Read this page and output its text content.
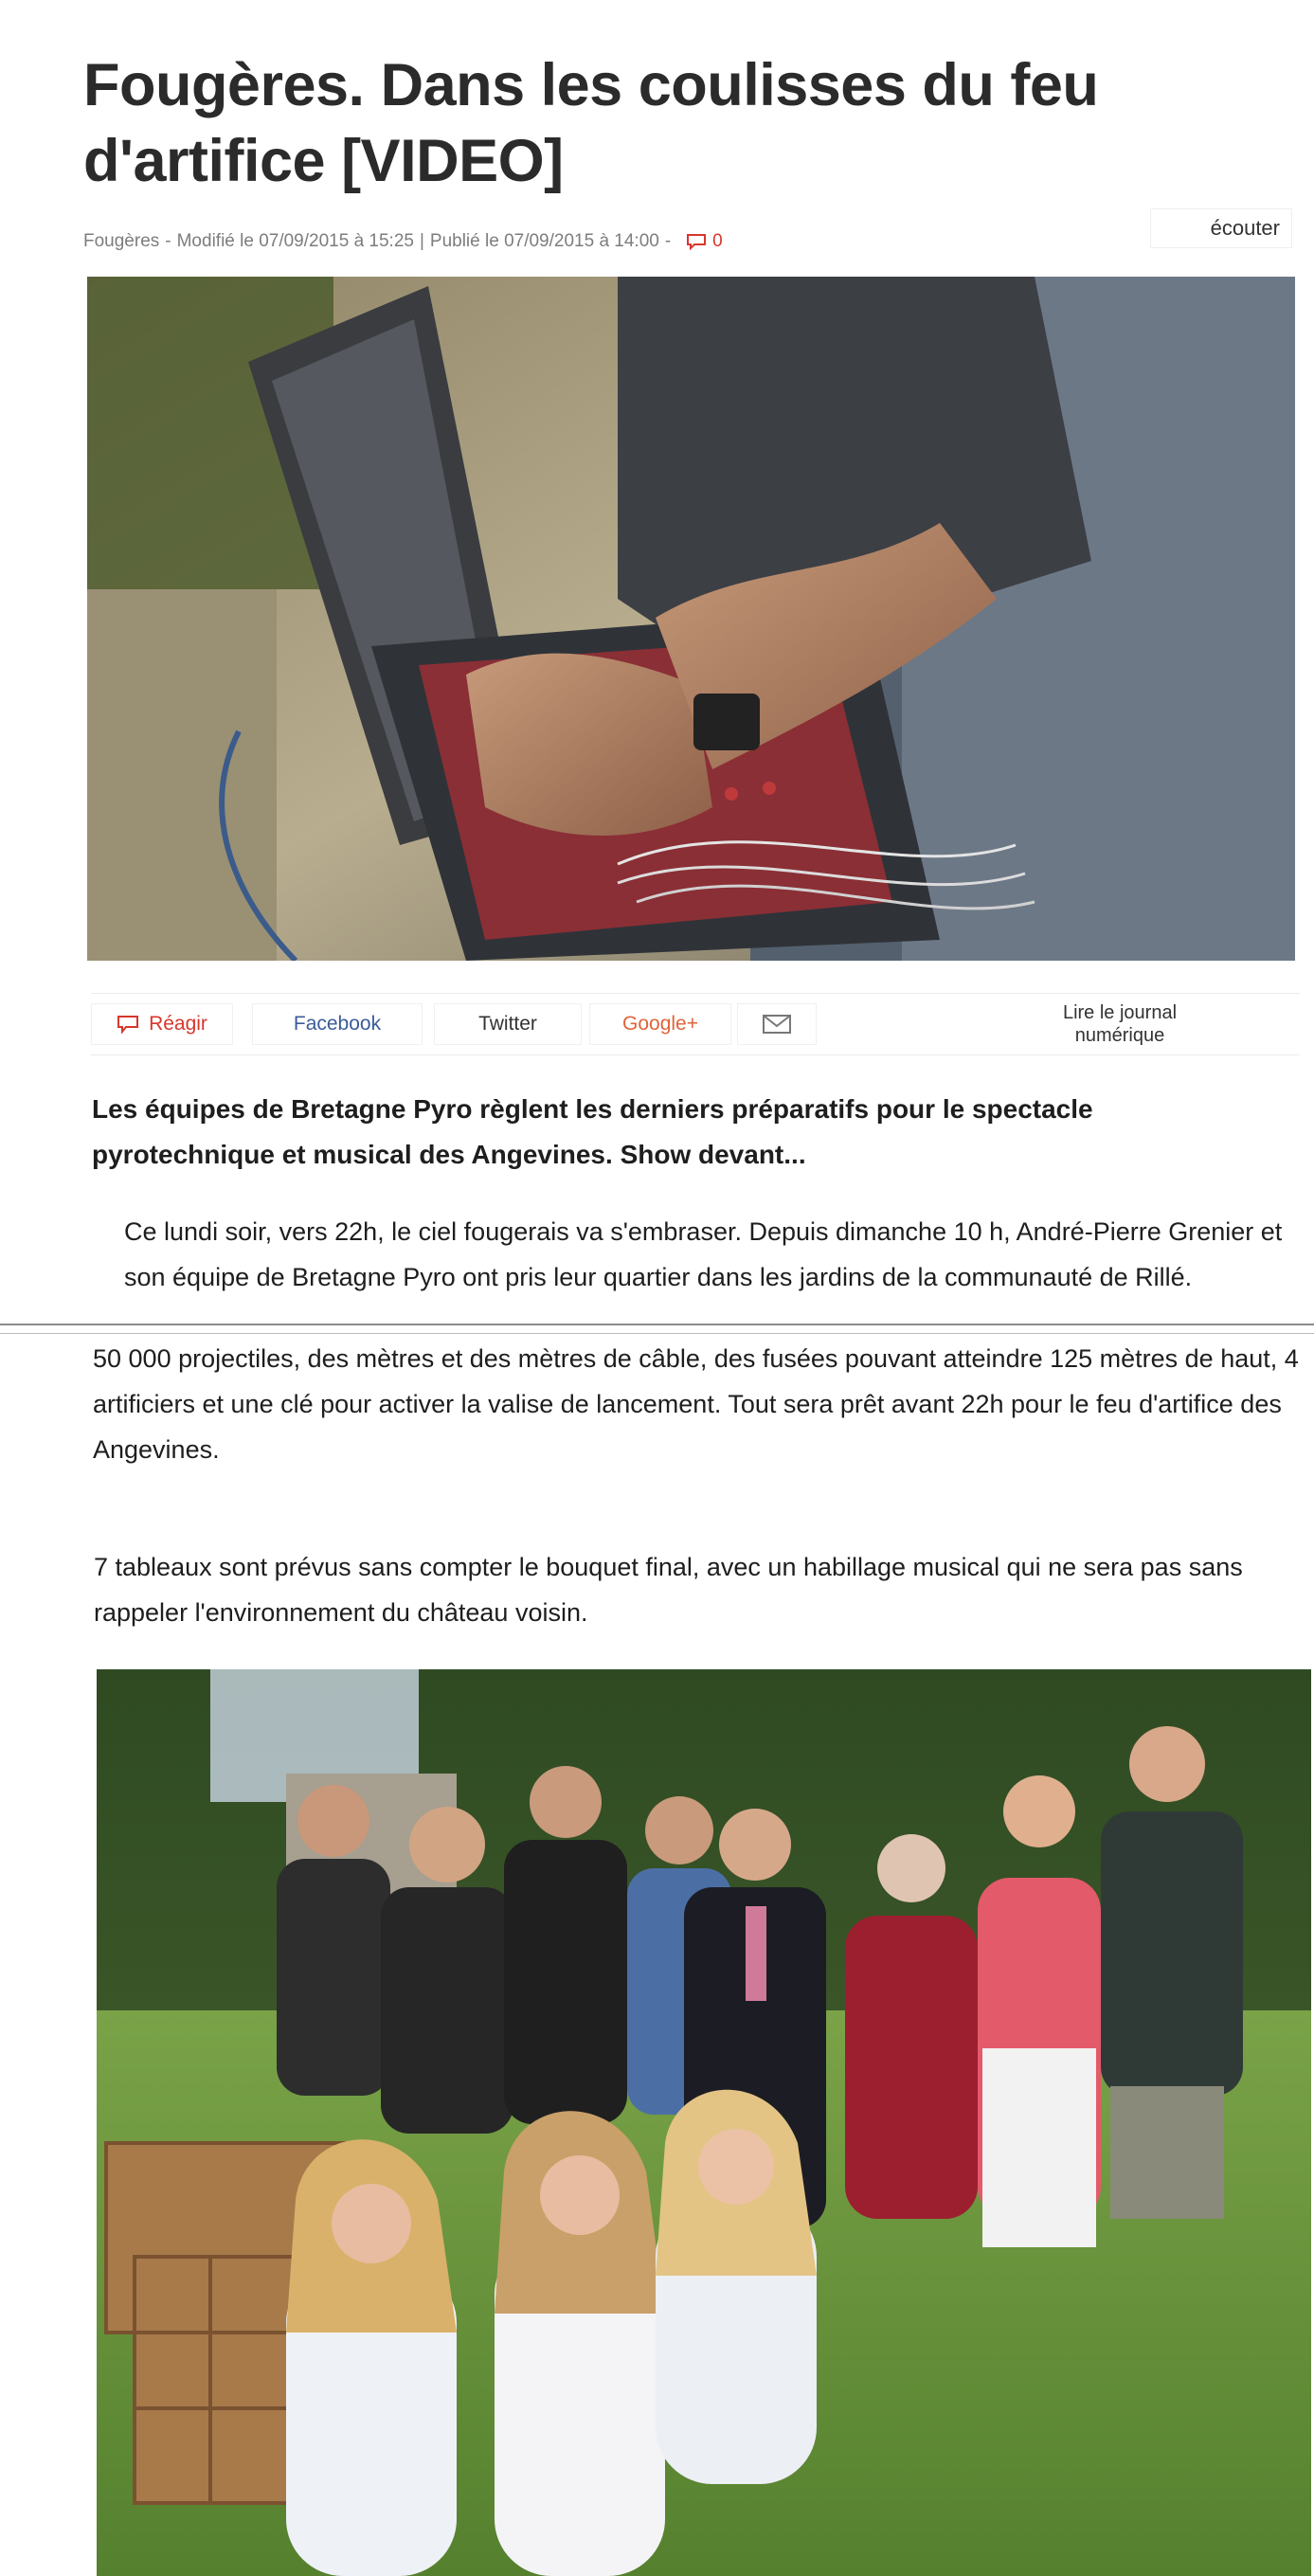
Fougères. Dans les coulisses du feu d'artifice [VIDEO]
Fougères - Modifié le 07/09/2015 à 15:25 | Publié le 07/09/2015 à 14:00 - 0
écouter
Réagir	Facebook	Twitter	Google+	Lire le journal
numérique

Les équipes de Bretagne Pyro règlent les derniers préparatifs pour le spectacle pyrotechnique et musical des Angevines. Show devant...

Ce lundi soir, vers 22h, le ciel fougerais va s'embraser. Depuis dimanche 10 h, André-Pierre Grenier et son équipe de Bretagne Pyro ont pris leur quartier dans les jardins de la communauté de Rillé.

50 000 projectiles, des mètres et des mètres de câble, des fusées pouvant atteindre 125 mètres de haut, 4 artificiers et une clé pour activer la valise de lancement. Tout sera prêt avant 22h pour le feu d'artifice des Angevines.

7 tableaux sont prévus sans compter le bouquet final, avec un habillage musical qui ne sera pas sans rappeler l'environnement du château voisin.
